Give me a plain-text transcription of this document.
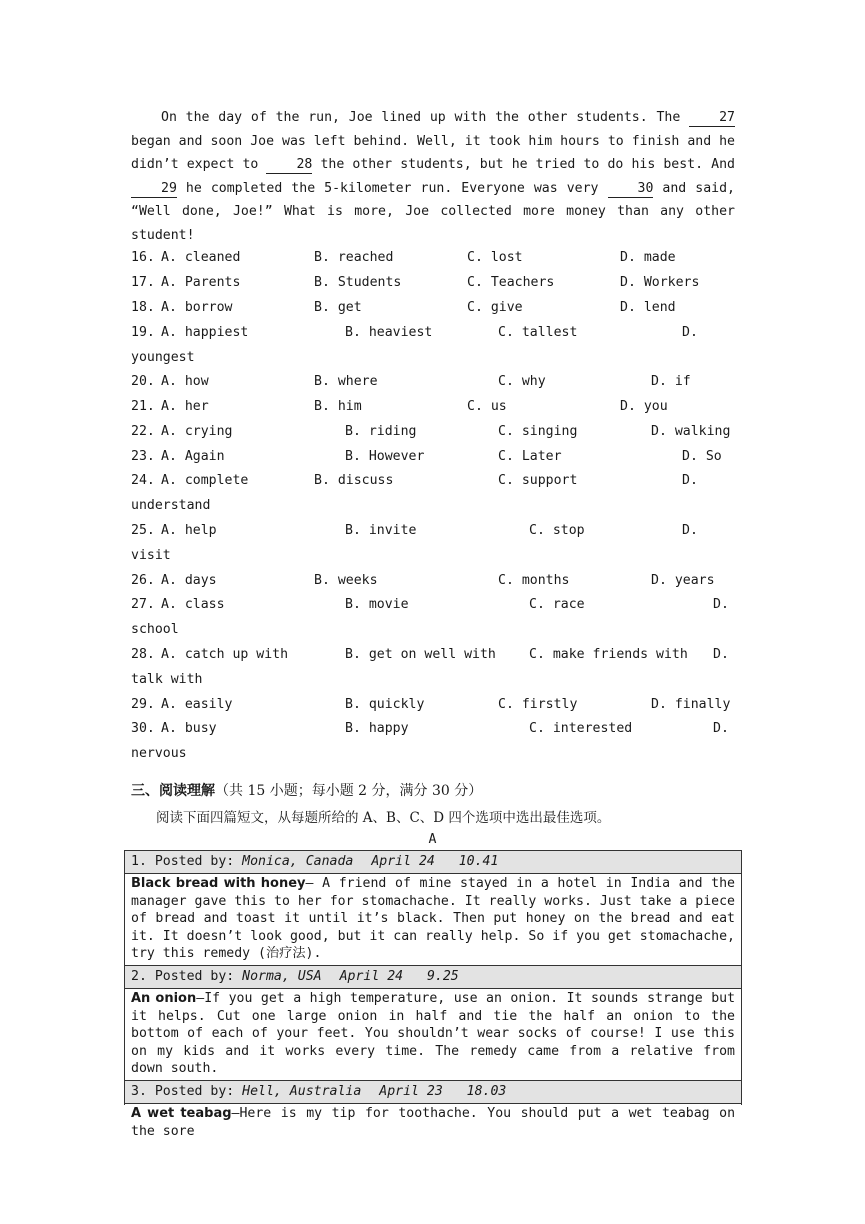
On the day of the run, Joe lined up with the other students. The	27 began and soon Joe was left behind. Well, it took him hours to finish and he didn’t expect to	28 the other students, but he tried to do his best. And 29 he completed the 5-kilometer run. Everyone was very	30 and said, “Well done, Joe!” What is more, Joe collected more money than any other student!

16. A. cleaned	B. reached	C. lost	D. made
17. A. Parents	B. Students	C. Teachers	D. Workers
18. A. borrow	B. get	C. give	D. lend
19. A. happiest	B. heaviest	C. tallest	D.
youngest
20. A. how	B. where	C. why	D. if
21. A. her	B. him	C. us	D. you
22. A. crying	B. riding	C. singing	D. walking
23. A. Again	B. However	C. Later	D. So
24. A. complete	B. discuss	C. support	D.
understand
25. A. help	B. invite	C. stop	D.
visit
26. A. days	B. weeks	C. months	D. years
27. A. class	B. movie	C. race	D.
school
28. A. catch up with	B. get on well with	C. make friends with D.
talk with
29. A. easily	B. quickly	C. firstly	D. finally
30. A. busy	B. happy	C. interested	D.
nervous
三、阅读理解（共 15 小题；每小题 2 分，满分 30 分）
阅读下面四篇短文，从每题所给的 A、B、C、D 四个选项中选出最佳选项。
A
1. Posted by: Monica, Canada April 24 10.41
Black bread with honey— A friend of mine stayed in a hotel in India and the manager gave this to her for stomachache. It really works. Just take a piece of bread and toast it until it’s black. Then put honey on the bread and eat it. It doesn’t look good, but it can really help. So if you get stomachache, try this remedy (治疗法).
2. Posted by: Norma, USA April 24 9.25
An onion—If you get a high temperature, use an onion. It sounds strange but it helps. Cut one large onion in half and tie the half an onion to the bottom of each of your feet. You shouldn’t wear socks of course! I use this on my kids and it works every time. The remedy came from a relative from down south.
3. Posted by: Hell, Australia April 23 18.03
A wet teabag—Here is my tip for toothache. You should put a wet teabag on the sore
